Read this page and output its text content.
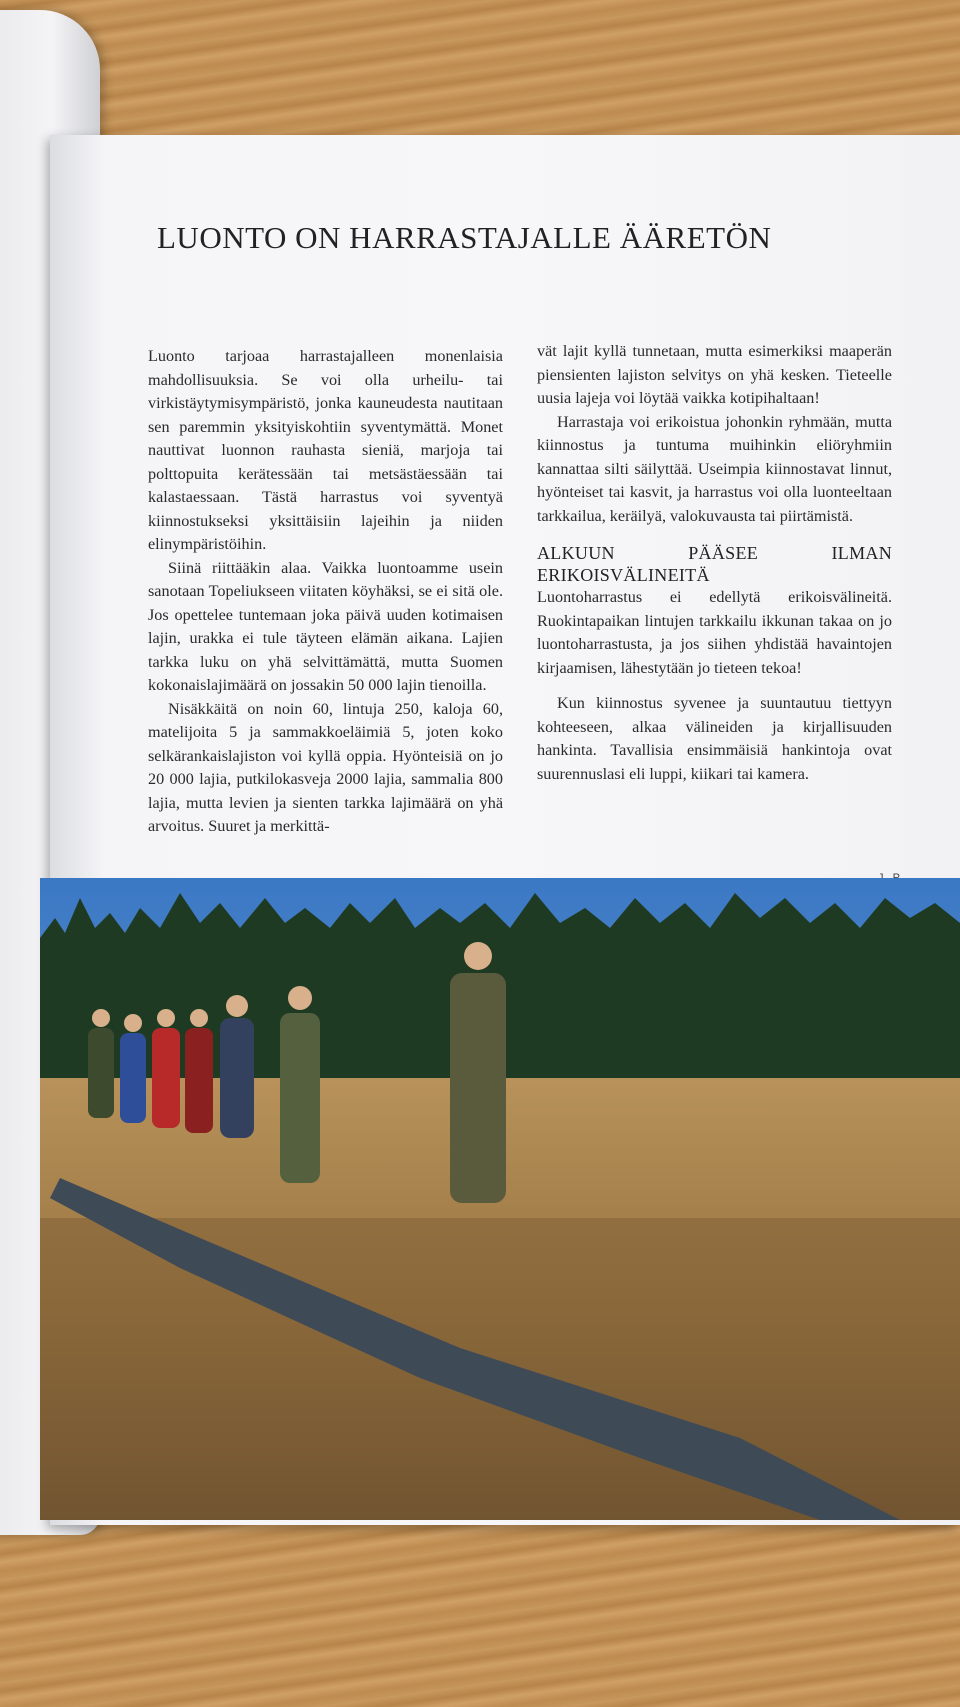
LUONTO ON HARRASTAJALLE ÄÄRETÖN

Luonto tarjoaa harrastajalleen monenlaisia mahdollisuuksia. Se voi olla urheilu- tai virkistäytymisympäristö, jonka kauneudesta nautitaan sen paremmin yksityiskohtiin syventymättä. Monet nauttivat luonnon rauhasta sieniä, marjoja tai polttopuita kerätessään tai metsästäessään tai kalastaessaan. Tästä harrastus voi syventyä kiinnostukseksi yksittäisiin lajeihin ja niiden elinympäristöihin.

Siinä riittääkin alaa. Vaikka luontoamme usein sanotaan Topeliukseen viitaten köyhäksi, se ei sitä ole. Jos opettelee tuntemaan joka päivä uuden kotimaisen lajin, urakka ei tule täyteen elämän aikana. Lajien tarkka luku on yhä selvittämättä, mutta Suomen kokonaislajimäärä on jossakin 50 000 lajin tienoilla.

Nisäkkäitä on noin 60, lintuja 250, kaloja 60, matelijoita 5 ja sammakkoeläimiä 5, joten koko selkärankaislajiston voi kyllä oppia. Hyönteisiä on jo 20 000 lajia, putkilokasveja 2000 lajia, sammalia 800 lajia, mutta levien ja sienten tarkka lajimäärä on yhä arvoitus. Suuret ja merkittä-

vät lajit kyllä tunnetaan, mutta esimerkiksi maaperän piensienten lajiston selvitys on yhä kesken. Tieteelle uusia lajeja voi löytää vaikka kotipihaltaan!

Harrastaja voi erikoistua johonkin ryhmään, mutta kiinnostus ja tuntuma muihinkin eliöryhmiin kannattaa silti säilyttää. Useimpia kiinnostavat linnut, hyönteiset tai kasvit, ja harrastus voi olla luonteeltaan tarkkailua, keräilyä, valokuvausta tai piirtämistä.

ALKUUN PÄÄSEE ILMAN ERIKOISVÄLINEITÄ

Luontoharrastus ei edellytä erikoisvälineitä. Ruokintapaikan lintujen tarkkailu ikkunan takaa on jo luontoharrastusta, ja jos siihen yhdistää havaintojen kirjaamisen, lähestytään jo tieteen tekoa!

Kun kiinnostus syvenee ja suuntautuu tiettyyn kohteeseen, alkaa välineiden ja kirjallisuuden hankinta. Tavallisia ensimmäisiä hankintoja ovat suurennuslasi eli luppi, kiikari tai kamera.
